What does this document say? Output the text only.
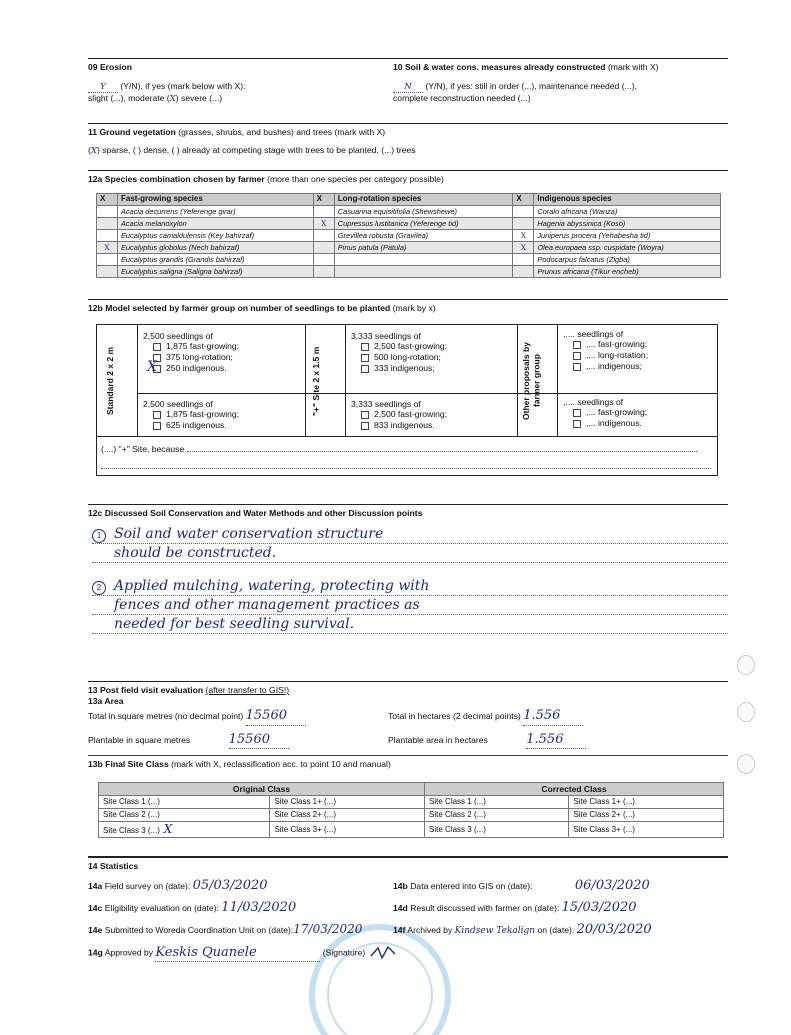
09 Erosion
Y (Y/N), if yes (mark below with X):
slight (...), moderate (X) severe (...)
10 Soil & water cons. measures already constructed (mark with X)
N (Y/N), if yes: still in order (...), maintenance needed (...),
complete reconstruction needed (...)
11 Ground vegetation (grasses, shrubs, and bushes) and trees (mark with X)
(X) sparse, ( ) dense, ( ) already at competing stage with trees to be planted, (...) trees
12a Species combination chosen by farmer (more than one species per category possible)
X	Fast-growing species	X	Long-rotation species	X	Indigenous species
	Acacia decurrens (Yeferenge girar)		Casuarina equisitifolia (Shewshewe)		Coralo africana (Wanza)
	Acacia melanoxylon	X	Cupressus lustitanica (Yeferenge tid)		Hagenia abyssinica (Koso)
	Eucalyptus camaldulensis (Key bahirzaf)		Grevillea robusta (Gravilea)	X	Juniperus procera (Yehabesha tid)
X	Eucalyptus globolus (Nech bahirzaf)		Pinus patula (Patula)	X	Olea europaea ssp. cuspidate (Woyra)
	Eucalyptus grandis (Grandis bahirzaf)				Podocarpus falcatus (Zigba)
	Eucalyptus saligna (Saligna bahirzaf)				Prunus africana (Tikur encheb)
12b Model selected by farmer group on number of seedlings to be planted (mark by x)
Standard 2 x 2 m	"+" Site 2 x 1.5 m	Other proposals by farmer group
2,500 seedlings of
1,875 fast-growing;
375 long-rotation;
250 indigenous.
X
2,500 seedlings of
1,875 fast-growing;
625 indigenous.
3,333 seedlings of
2,500 fast-growing;
500 long-rotation;
333 indigenous;
3,333 seedlings of
2,500 fast-growing;
833 indigenous.
,.... seedlings of
,... fast-growing;
,... long-rotation;
,... indigenous;
,.... seedlings of
,... fast-growing;
,... indigenous.
(....) "+" Site, because
12c Discussed Soil Conservation and Water Methods and other Discussion points
1 Soil and water conservation structure
should be constructed.
2 Applied mulching, watering, protecting with
fences and other management practices as
needed for best seedling survival.
13 Post field visit evaluation (after transfer to GIS!)
13a Area
Total in square metres (no decimal point) 15560	Total in hectares (2 decimal points) 1.556
Plantable in square metres	15560	Plantable area in hectares	1.556
13b Final Site Class (mark with X, reclassification acc. to point 10 and manual)
Original Class		Corrected Class	
Site Class 1 (...)	Site Class 1+ (...)	Site Class 1 (...)	Site Class 1+ (...)
Site Class 2 (...)	Site Class 2+ (...)	Site Class 2 (...)	Site Class 2+ (...)
Site Class 3 (...) X	Site Class 3+ (...)	Site Class 3 (...)	Site Class 3+ (...)
14 Statistics
14a Field survey on (date): 05/03/2020	14b Data entered into GIS on (date):	06/03/2020
14c Eligibility evaluation on (date): 11/03/2020	14d Result discussed with farmer on (date): 15/03/2020
14e Submitted to Woreda Coordination Unit on (date):17/03/2020	14f Archived by Kindsew Tekalign on (date): 20/03/2020
14g Approved by Keskis Quanele	(Signature)
